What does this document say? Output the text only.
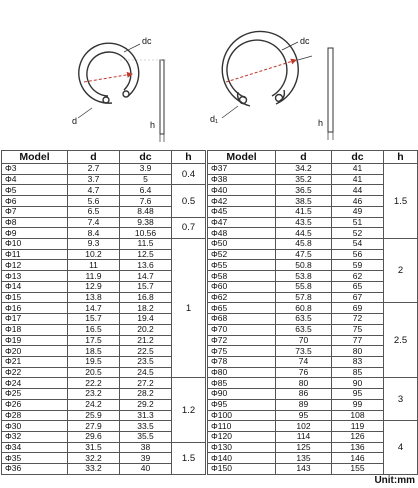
dc
d	h
dc
d₁	h
Model	d	dc	h
Φ3	2.7	3.9	0.4
Φ4	3.7	5	
Φ5	4.7	6.4	0.5
Φ6	5.6	7.6	
Φ7	6.5	8.48	
Φ8	7.4	9.38	0.7
Φ9	8.4	10.56	
Φ10	9.3	11.5	1
Φ11	10.2	12.5	
Φ12	11	13.6	
Φ13	11.9	14.7	
Φ14	12.9	15.7	
Φ15	13.8	16.8	
Φ16	14.7	18.2	
Φ17	15.7	19.4	
Φ18	16.5	20.2	
Φ19	17.5	21.2	
Φ20	18.5	22.5	
Φ21	19.5	23.5	
Φ22	20.5	24.5	
Φ24	22.2	27.2	1.2
Φ25	23.2	28.2	
Φ26	24.2	29.2	
Φ28	25.9	31.3	
Φ30	27.9	33.5	
Φ32	29.6	35.5	
Φ34	31.5	38	1.5
Φ35	32.2	39	
Φ36	33.2	40	
Model	d	dc	h
Φ37	34.2	41	1.5
Φ38	35.2	41	
Φ40	36.5	44	
Φ42	38.5	46	
Φ45	41.5	49	
Φ47	43.5	51	
Φ48	44.5	52	
Φ50	45.8	54	2
Φ52	47.5	56	
Φ55	50.8	59	
Φ58	53.8	62	
Φ60	55.8	65	
Φ62	57.8	67	
Φ65	60.8	69	2.5
Φ68	63.5	72	
Φ70	63.5	75	
Φ72	70	77	
Φ75	73.5	80	
Φ78	74	83	
Φ80	76	85	
Φ85	80	90	3
Φ90	86	95	
Φ95	89	99	
Φ100	95	108	
Φ110	102	119	4
Φ120	114	126	
Φ130	125	136	
Φ140	135	146	
Φ150	143	155	
Unit:mm
